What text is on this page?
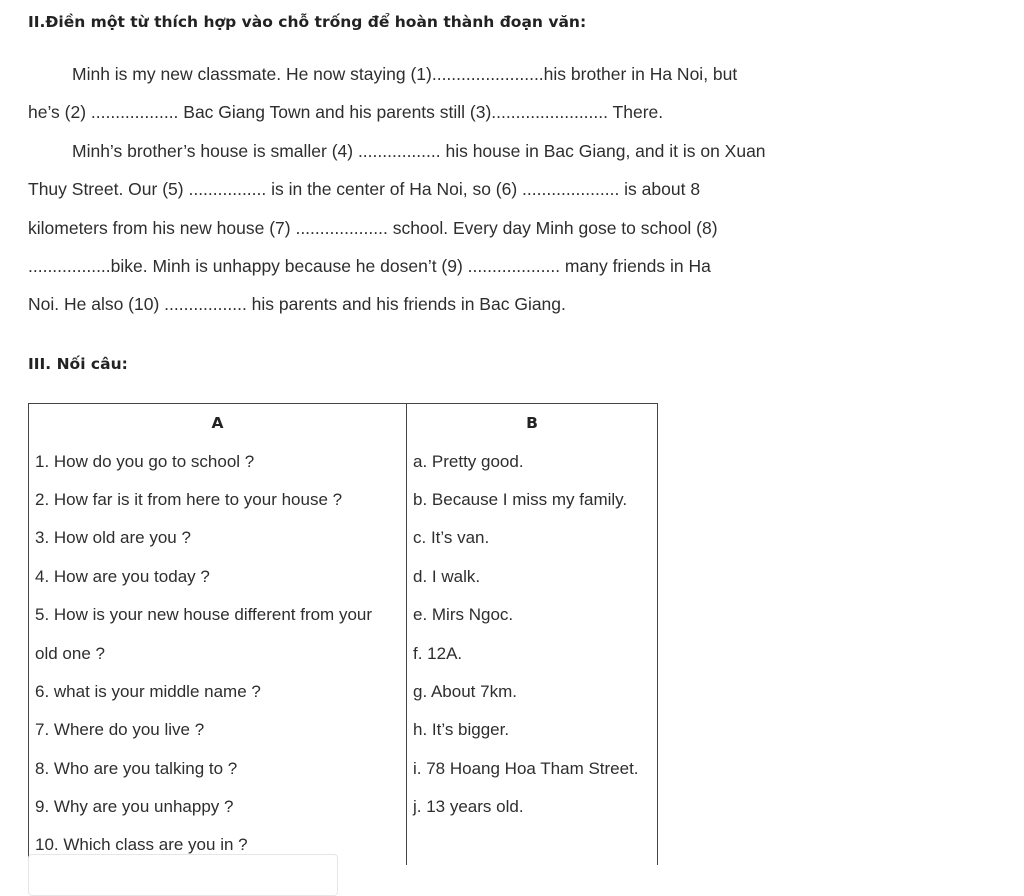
II.Điền một từ thích hợp vào chỗ trống để hoàn thành đoạn văn:
Minh is my new classmate. He now staying (1).......................his brother in Ha Noi, but
he’s (2) .................. Bac Giang Town and his parents still (3)........................ There.
Minh’s brother’s house is smaller (4) ................. his house in Bac Giang, and it is on Xuan
Thuy Street. Our (5) ................ is in the center of Ha Noi, so (6) .................... is about 8
kilometers from his new house (7) ................... school. Every day Minh gose to school (8)
.................bike. Minh is unhappy because he dosen’t (9) ................... many friends in Ha
Noi. He also (10) ................. his parents and his friends in Bac Giang.
III. Nối câu:
A	B
1. How do you go to school ?	a. Pretty good.
2. How far is it from here to your house ?	b. Because I miss my family.
3. How old are you ?	c. It’s van.
4. How are you today ?	d. I walk.
5. How is your new house different from your	e. Mirs Ngoc.
old one ?	f. 12A.
6. what is your middle name ?	g. About 7km.
7. Where do you live ?	h. It’s bigger.
8. Who are you talking to ?	i. 78 Hoang Hoa Tham Street.
9. Why are you unhappy ?	j. 13 years old.
10. Which class are you in ?	
